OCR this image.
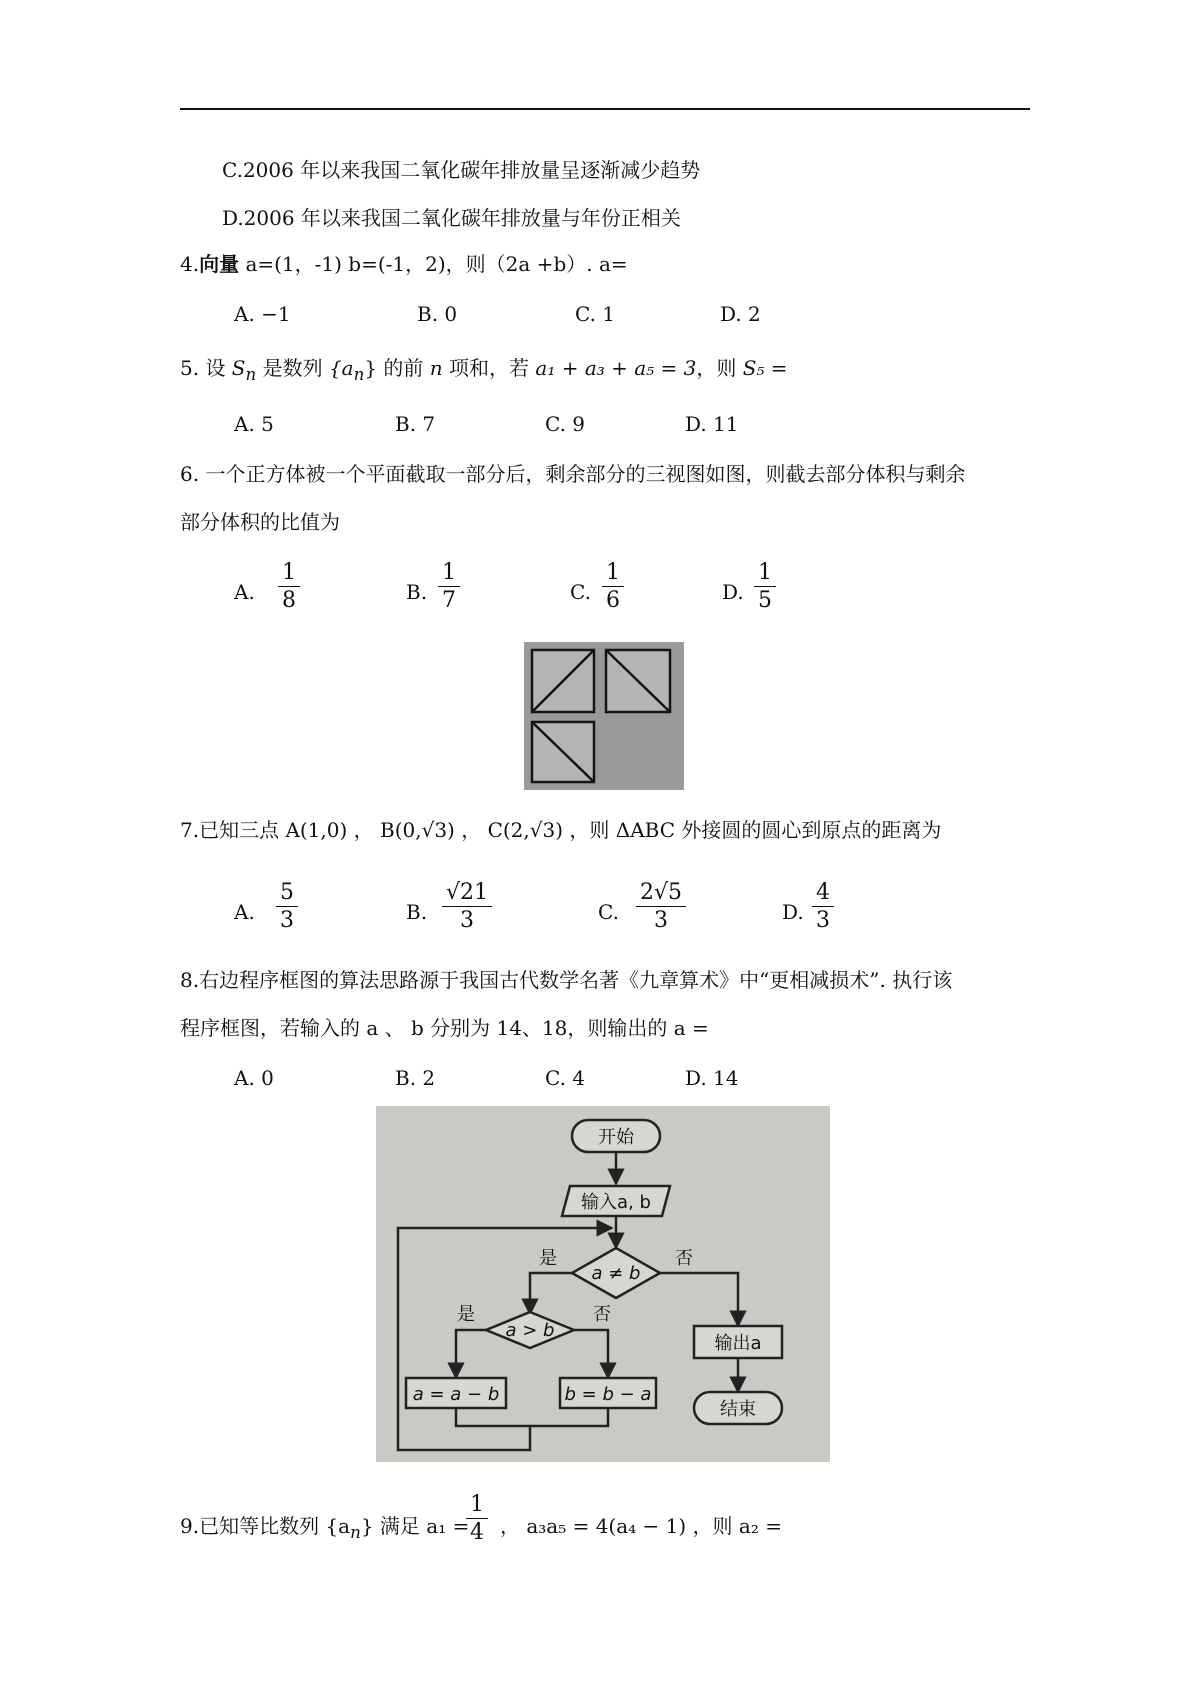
C.2006 年以来我国二氧化碳年排放量呈逐渐减少趋势
D.2006 年以来我国二氧化碳年排放量与年份正相关
4.向量 a=(1，-1) b=(-1，2)，则（2a +b）. a=
A. −1	B. 0	C. 1	D. 2
5. 设 $S_n$ 是数列 $\{a_n\}$ 的前 n 项和，若 a₁ + a₃ + a₅ = 3，则 S₅ =
A. 5	B. 7	C. 9	D. 11
6. 一个正方体被一个平面截取一部分后，剩余部分的三视图如图，则截去部分体积与剩余
部分体积的比值为
A.
1
8	B.
1
7	C.
1
6	D.
1
5
7.已知三点 A(1,0) ， B(0,√3) ， C(2,√3) ，则 ΔABC 外接圆的圆心到原点的距离为
A.
5
3	B.
√21
3	C.
2√5
3	D.
4
3
8.右边程序框图的算法思路源于我国古代数学名著《九章算术》中“更相减损术”. 执行该
程序框图，若输入的 a 、 b 分别为 14、18，则输出的 a =
A. 0	B. 2	C. 4	D. 14
开始
输入a, b
a ≠ b
a > b
a = a − b	b = b − a
输出a
结束
是	否
是	否
9.已知等比数列 $\{a_n\}$ 满足 a₁ =
1
4 ， a₃a₅ = 4(a₄ − 1) ，则 a₂ =
